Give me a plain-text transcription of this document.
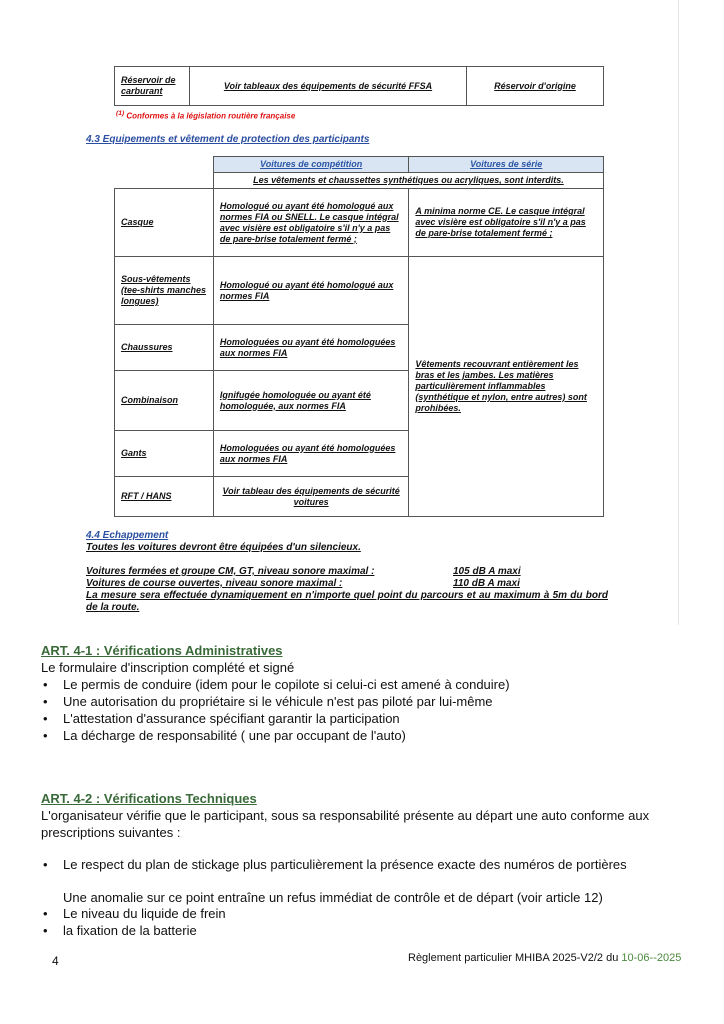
Réservoir de carburant	Voir tableaux des équipements de sécurité FFSA	Réservoir d'origine
$^{(1)}$ Conformes à la législation routière française
4.3 Equipements et vêtement de protection des participants
	Voitures de compétition	Voitures de série
	Les vêtements et chaussettes synthétiques ou acryliques, sont interdits.	
Casque	Homologué ou ayant été homologué aux normes FIA ou SNELL. Le casque intégral avec visière est obligatoire s'il n'y a pas de pare-brise totalement fermé ;	A minima norme CE. Le casque intégral avec visière est obligatoire s'il n'y a pas de pare-brise totalement fermé ;
Sous-vêtements (tee-shirts manches longues)	Homologué ou ayant été homologué aux normes FIA	Vêtements recouvrant entièrement les bras et les jambes. Les matières particulièrement inflammables (synthétique et nylon, entre autres) sont prohibées.
Chaussures	Homologuées ou ayant été homologuées aux normes FIA	
Combinaison	Ignifugée homologuée ou ayant été homologuée, aux normes FIA	
Gants	Homologuées ou ayant été homologuées aux normes FIA	
RFT / HANS	Voir tableau des équipements de sécurité voitures	
4.4 Echappement
Toutes les voitures devront être équipées d'un silencieux.
Voitures fermées et groupe CM, GT, niveau sonore maximal :	105 dB A maxi
Voitures de course ouvertes, niveau sonore maximal :	110 dB A maxi
La mesure sera effectuée dynamiquement en n'importe quel point du parcours et au maximum à 5m du bord de la route.
ART. 4-1 : Vérifications Administratives
Le formulaire d'inscription complété et signé
• Le permis de conduire (idem pour le copilote si celui-ci est amené à conduire)
• Une autorisation du propriétaire si le véhicule n'est pas piloté par lui-même
• L'attestation d'assurance spécifiant garantir la participation
• La décharge de responsabilité ( une par occupant de l'auto)
ART. 4-2 : Vérifications Techniques
L'organisateur vérifie que le participant, sous sa responsabilité présente au départ une auto conforme aux prescriptions suivantes :
• Le respect du plan de stickage plus particulièrement la présence exacte des numéros de portières
Une anomalie sur ce point entraîne un refus immédiat de contrôle et de départ (voir article 12)
• Le niveau du liquide de frein
• la fixation de la batterie
4	Règlement particulier MHIBA 2025-V2/2 du 10-06--2025
